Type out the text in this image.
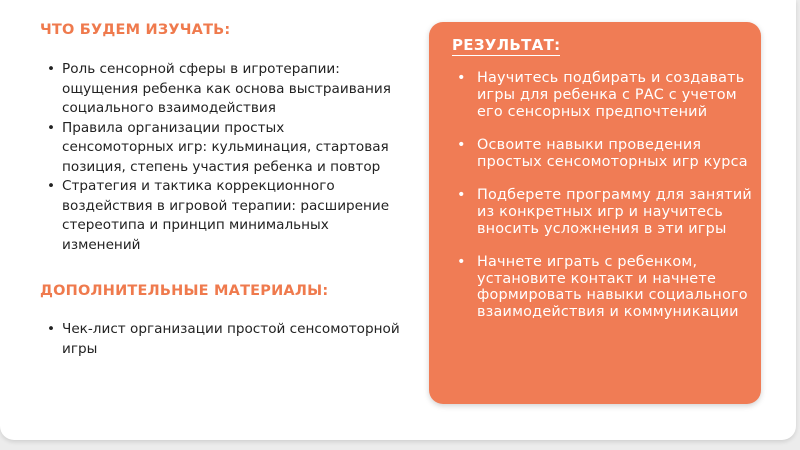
ЧТО БУДЕМ ИЗУЧАТЬ:
• Роль сенсорной сферы в игротерапии: ощущения ребенка как основа выстраивания социального взаимодействия
• Правила организации простых сенсомоторных игр: кульминация, стартовая позиция, степень участия ребенка и повтор
• Стратегия и тактика коррекционного воздействия в игровой терапии: расширение стереотипа и принцип минимальных изменений
ДОПОЛНИТЕЛЬНЫЕ МАТЕРИАЛЫ:
• Чек-лист организации простой сенсомоторной игры
РЕЗУЛЬТАТ:
• Научитесь подбирать и создавать игры для ребенка с РАС с учетом его сенсорных предпочтений
• Освоите навыки проведения простых сенсомоторных игр курса
• Подберете программу для занятий из конкретных игр и научитесь вносить усложнения в эти игры
• Начнете играть с ребенком, установите контакт и начнете формировать навыки социального взаимодействия и коммуникации
